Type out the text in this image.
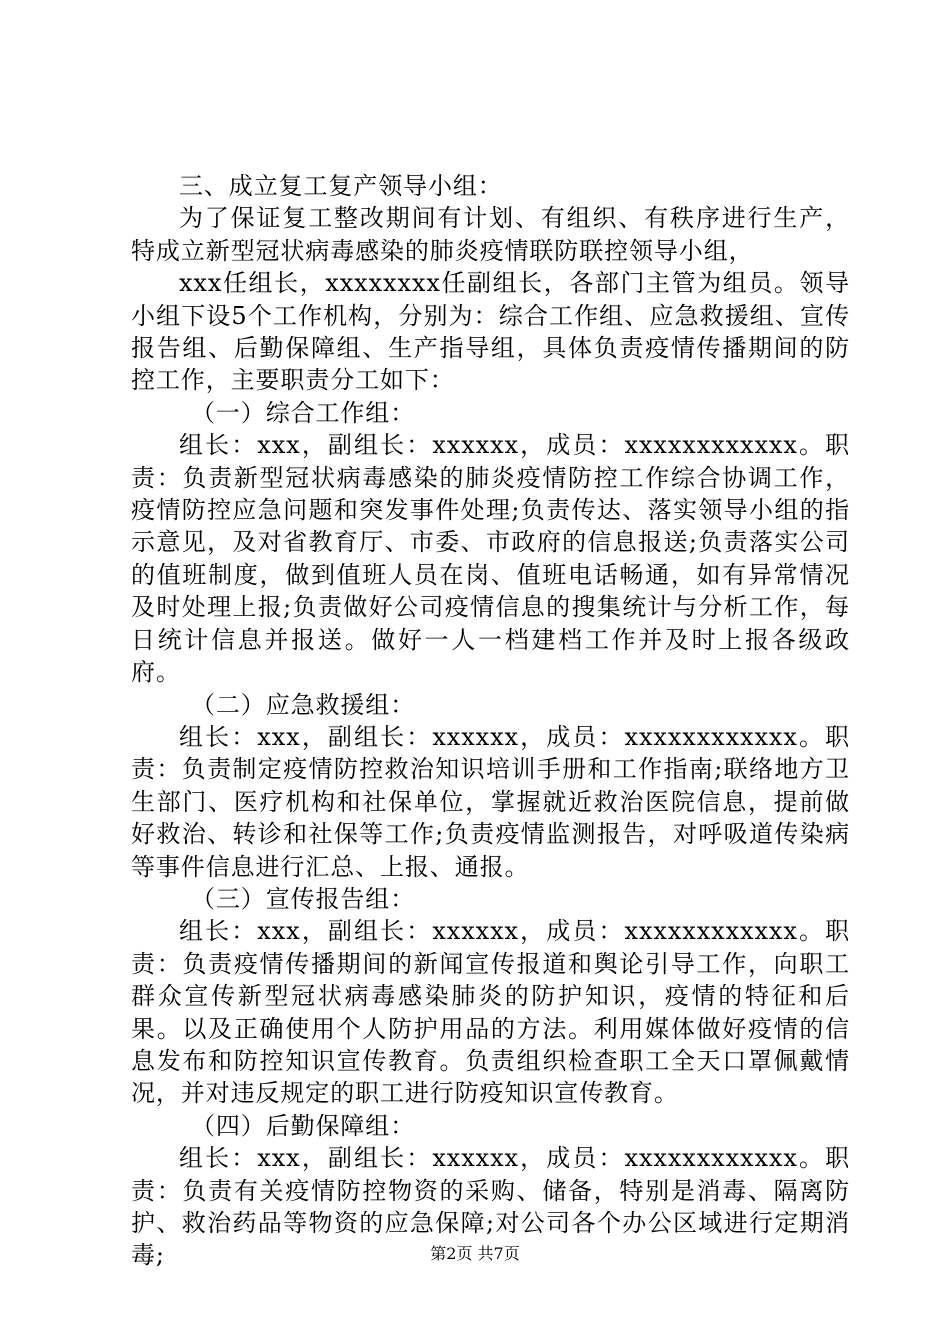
三、成立复工复产领导小组：

为了保证复工整改期间有计划、有组织、有秩序进行生产，特成立新型冠状病毒感染的肺炎疫情联防联控领导小组，

xxx任组长，xxxxxxxx任副组长，各部门主管为组员。领导小组下设5个工作机构，分别为：综合工作组、应急救援组、宣传报告组、后勤保障组、生产指导组，具体负责疫情传播期间的防控工作，主要职责分工如下：

（一）综合工作组：

组长：xxx，副组长：xxxxxx，成员：xxxxxxxxxxxx。职责：负责新型冠状病毒感染的肺炎疫情防控工作综合协调工作，疫情防控应急问题和突发事件处理;负责传达、落实领导小组的指示意见，及对省教育厅、市委、市政府的信息报送;负责落实公司的值班制度，做到值班人员在岗、值班电话畅通，如有异常情况及时处理上报;负责做好公司疫情信息的搜集统计与分析工作，每日统计信息并报送。做好一人一档建档工作并及时上报各级政府。

（二）应急救援组：

组长：xxx，副组长：xxxxxx，成员：xxxxxxxxxxxx。职责：负责制定疫情防控救治知识培训手册和工作指南;联络地方卫生部门、医疗机构和社保单位，掌握就近救治医院信息，提前做好救治、转诊和社保等工作;负责疫情监测报告，对呼吸道传染病等事件信息进行汇总、上报、通报。

（三）宣传报告组：

组长：xxx，副组长：xxxxxx，成员：xxxxxxxxxxxx。职责：负责疫情传播期间的新闻宣传报道和舆论引导工作，向职工群众宣传新型冠状病毒感染肺炎的防护知识，疫情的特征和后果。以及正确使用个人防护用品的方法。利用媒体做好疫情的信息发布和防控知识宣传教育。负责组织检查职工全天口罩佩戴情况，并对违反规定的职工进行防疫知识宣传教育。

（四）后勤保障组：

组长：xxx，副组长：xxxxxx，成员：xxxxxxxxxxxx。职责：负责有关疫情防控物资的采购、储备，特别是消毒、隔离防护、救治药品等物资的应急保障;对公司各个办公区域进行定期消毒;	第2页 共7页
